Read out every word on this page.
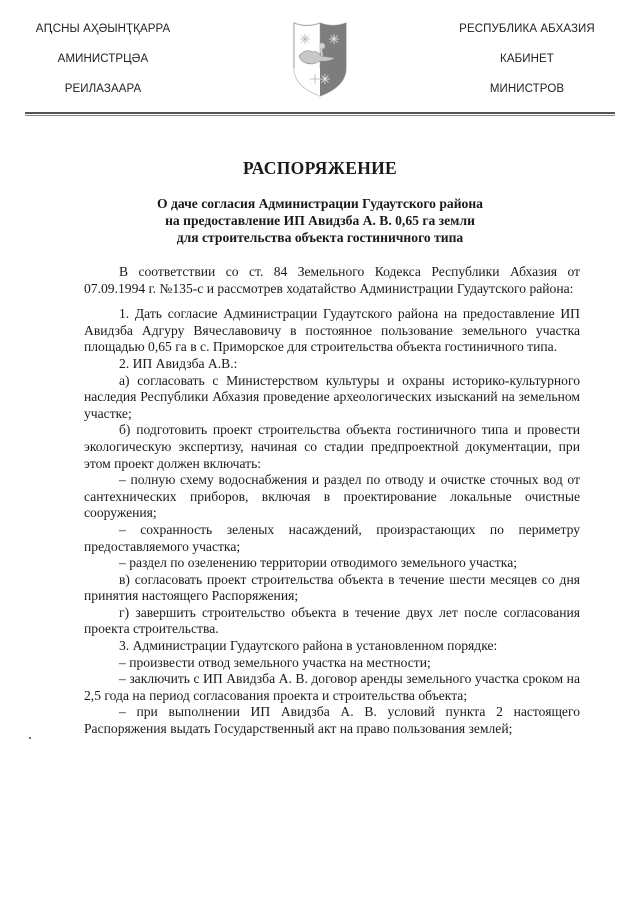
АԤСНЫ АҲӘЫНҬҚАРРА
АМИНИСТРЦӘА
РЕИЛАЗААРА
РЕСПУБЛИКА АБХАЗИЯ
КАБИНЕТ
МИНИСТРОВ
РАСПОРЯЖЕНИЕ
О даче согласия Администрации Гудаутского района
на предоставление ИП Авидзба А. В. 0,65 га земли
для строительства объекта гостиничного типа

В соответствии со ст. 84 Земельного Кодекса Республики Абхазия от 07.09.1994 г. №135-с и рассмотрев ходатайство Администрации Гудаутского района:

1. Дать согласие Администрации Гудаутского района на предоставление ИП Авидзба Адгуру Вячеславовичу в постоянное пользование земельного участка площадью 0,65 га в с. Приморское для строительства объекта гостиничного типа.

2. ИП Авидзба А.В.:

а) согласовать с Министерством культуры и охраны историко-культурного наследия Республики Абхазия проведение археологических изысканий на земельном участке;

б) подготовить проект строительства объекта гостиничного типа и провести экологическую экспертизу, начиная со стадии предпроектной документации, при этом проект должен включать:

– полную схему водоснабжения и раздел по отводу и очистке сточных вод от сантехнических приборов, включая в проектирование локальные очистные сооружения;

– сохранность зеленых насаждений, произрастающих по периметру предоставляемого участка;

– раздел по озеленению территории отводимого земельного участка;

в) согласовать проект строительства объекта в течение шести месяцев со дня принятия настоящего Распоряжения;

г) завершить строительство объекта в течение двух лет после согласования проекта строительства.

3. Администрации Гудаутского района в установленном порядке:

– произвести отвод земельного участка на местности;

– заключить с ИП Авидзба А. В. договор аренды земельного участка сроком на 2,5 года на период согласования проекта и строительства объекта;

– при выполнении ИП Авидзба А. В. условий пункта 2 настоящего Распоряжения выдать Государственный акт на право пользования землей;
